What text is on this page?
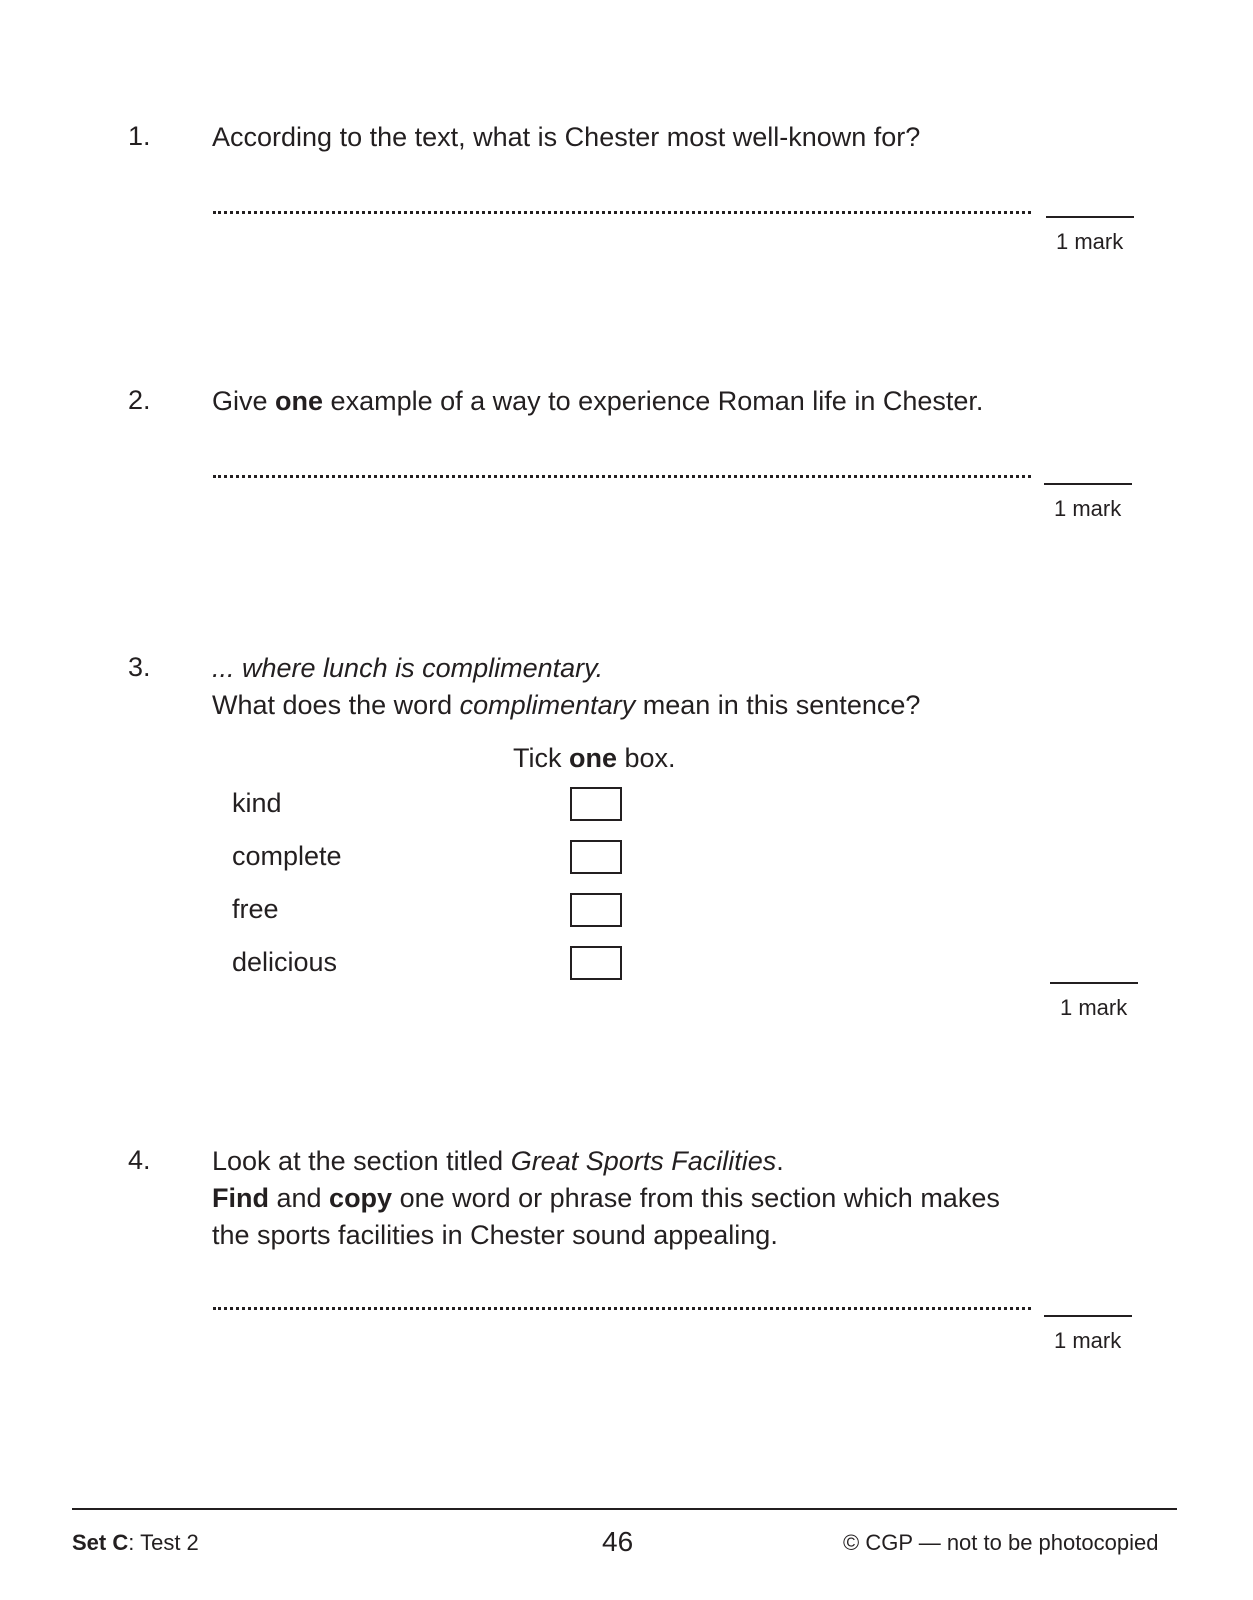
1. According to the text, what is Chester most well-known for?
1 mark
2. Give one example of a way to experience Roman life in Chester.
1 mark
3. ... where lunch is complimentary.
What does the word complimentary mean in this sentence?
Tick one box.
kind
complete
free
delicious
1 mark
4. Look at the section titled Great Sports Facilities.
Find and copy one word or phrase from this section which makes
the sports facilities in Chester sound appealing.
1 mark
Set C: Test 2	46	© CGP — not to be photocopied
